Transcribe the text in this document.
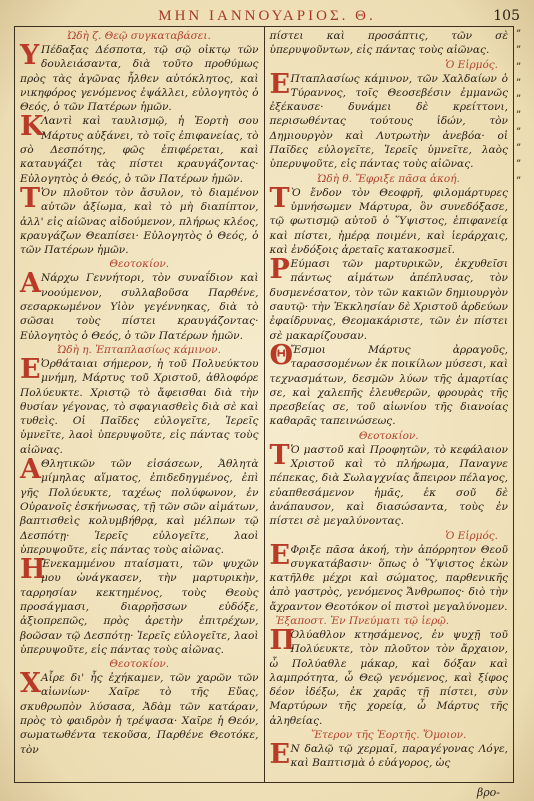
ΜΗΝ ΙΑΝΝΟΥΑΡΙΟΣ. Θ.	105
Ὠδὴ ζ. Θεῷ συγκαταβάσει.

Υ Πέδαξας Δέσποτα, τῷ σῷ οἰκτῳ τῶν δουλειάσαντα, διὰ τοῦτο προθύμως πρὸς τὰς ἀγῶνας ἦλθεν αὐτόκλητος, καὶ νικηφόρος γενόμενος ἐψάλλει, εὐλογητὸς ὁ Θεός, ὁ τῶν Πατέρων ἡμῶν.

Κ
Λαντὶ καὶ ταυλισμῷ, ἡ Ἑορτὴ σου Μάρτυς αὐξάνει, τὸ τοῖς ἐπιφανείας, τὸ σὸ Δεσπότης, φῶς ἐπιφέρεται, καὶ καταυγάζει τὰς πίστει κραυγάζοντας· Εὐλογητὸς ὁ Θεός, ὁ τῶν Πατέρων ἡμῶν.

Τ Ὁν πλοῦτον τὸν ἄσυλον, τὸ διαμένον αὐτῶν ἀξίωμα, καὶ τὸ μὴ διαπίπτον, ἀλλ' εἰς αἰῶνας αἰδούμενον, πλήρως κλέος, κραυγάζων Θεαπίσει· Εὐλογητὸς ὁ Θεός, ὁ τῶν Πατέρων ἡμῶν.

Θεοτοκίον.

Α Νάρχω Γεννήτορι, τὸν συναΐδιον καὶ νοούμενον, συλλαβοῦσα Παρθένε, σεσαρκωμένον Υἱὸν γεγέννηκας, διὰ τὸ σῶσαι τοὺς πίστει κραυγάζοντας· Εὐλογητὸς ὁ Θεός, ὁ τῶν Πατέρων ἡμῶν.

Ὠδὴ η. Ἑπταπλασίως κάμινον.

Ε Ὀρθάταιαι σήμερον, ἡ τοῦ Πολυεύκτου μνήμη, Μάρτυς τοῦ Χριστοῦ, ἀθλοφόρε Πολύευκτε. Χριστῷ τὸ ἄφεισθαι διὰ τὴν θυσίαν γέγονας, τὸ σφαγιασθεὶς διὰ σὲ καὶ τυθεὶς. Οἱ Παῖδες εὐλογεῖτε, Ἱερεῖς ὑμνεῖτε, λαοὶ ὑπερυψοῦτε, εἰς πάντας τοὺς αἰῶνας.

Α Θλητικῶν τῶν εἰσάσεων, Ἀθλητὰ μίμηλας αἵματος, ἐπιδεδηγμένος, ἐπὶ γῆς Πολύευκτε, ταχέως πολύφωνον, ἐν Οὐρανοῖς ἐσκήνωσας, τῇ τῶν σῶν αἱμάτων, βαπτισθεὶς κολυμβήθρᾳ, καὶ μέλπων τῷ Δεσπότῃ· Ἱερεῖς εὐλογεῖτε, λαοὶ ὑπερυψοῦτε, εἰς πάντας τοὺς αἰῶνας.

Η
Ἐνεκαμμένου πταίσματι, τῶν ψυχῶν μου ὠνάγκασεν, τὴν μαρτυρικὴν, ταρρησίαν κεκτημένος, τοὺς Θεοὺς προσάγμασι, διαρρῆσσων εὐδόξε, ἀξιοπρεπῶς, πρὸς ἀρετὴν ἐπιτρέχων, βοῶσαν τῷ Δεσπότῃ· Ἱερεῖς εὐλογεῖτε, λαοὶ ὑπερυψοῦτε, εἰς πάντας τοὺς αἰῶνας.

Θεοτοκίον.

Χ Αἶρε δι' ἧς ἐχήκαμεν, τῶν χαρῶν τῶν αἰωνίων· Χαῖρε τὸ τῆς Εὔας, σκυθρωπὸν λύσασα, Ἀδὰμ τῶν κατάραν, πρὸς τὸ φαιδρὸν ἡ τρέψασα· Χαῖρε ἡ Θεόν, σωματωθέντα τεκοῦσα, Παρθένε Θεοτόκε, τὸν

πίστει καὶ προσάπτις, τῶν σὲ ὑπερυψοῦντων, εἰς πάντας τοὺς αἰῶνας.

Ὁ Εἱρμός.

Ε Πταπλασίως κάμινον, τῶν Χαλδαίων ὁ Τύραννος, τοῖς Θεοσεβέσιν ἐμμανῶς ἐξέκαυσε· δυνάμει δὲ κρείττονι, περισωθέντας τούτους ἰδών, τὸν Δημιουργὸν καὶ Λυτρωτὴν ἀνεβόα· οἱ Παῖδες εὐλογεῖτε, Ἱερεῖς ὑμνεῖτε, λαὸς ὑπερυψοῦτε, εἰς πάντας τοὺς αἰῶνας.

Ὠδὴ θ. Ἔφριξε πᾶσα ἀκοή.

Τ Ὸ ἔνδον τὸν Θεοφρῆ, φιλομάρτυρες ὑμνήσωμεν Μάρτυρα, ὃν συνεδόξασε, τῷ φωτισμῷ αὐτοῦ ὁ Ὕψιστος, ἐπιφανείᾳ καὶ πίστει, ἡμέρᾳ ποιμένι, καὶ ἱεράρχαις, καὶ ἐνδόξοις ἀρεταῖς κατακοσμεῖ.

Ρ Εύμασι τῶν μαρτυρικῶν, ἐκχυθεῖσι πάντως αἱμάτων ἀπέπλυσας, τὸν δυσμενέσατον, τὸν τῶν κακιῶν δημιουργὸν σαυτῷ· τὴν Ἐκκλησίαν δὲ Χριστοῦ ἀρδεύων ἐφαίδρυνας, Θεομακάριστε, τῶν ἐν πίστει σὲ μακαρίζουσαν.

Θ
Ἔσμοι Μάρτυς ἀρραγοῦς, ταρασσομένων ἐκ ποικίλων μύσεσι, καὶ τεχνασμάτων, δεσμῶν λύων τῆς ἁμαρτίας σε, καὶ χαλεπῆς ἐλευθερῶν, φρουρὰς τῆς πρεσβείας σε, τοῦ αἰωνίου τῆς διανοίας καθαρᾶς ταπεινώσεως.

Θεοτοκίον.

Τ Ὁ μαστοῦ καὶ Προφητῶν, τὸ κεφάλαιον Χριστοῦ καὶ τὸ πλήρωμα, Παναγνε πέπεκας, διὰ Σωλαγχνίας ἄπειρον πέλαγος, εὐαπθεσάμενον ἡμᾶς, ἐκ σοῦ δὲ ἀνάπαυσον, καὶ διασώσαντα, τοὺς ἐν πίστει σὲ μεγαλύνοντας.

Ὁ Εἱρμός.

Ε Φριξε πᾶσα ἀκοή, τὴν ἀπόρρητον Θεοῦ συγκατάβασιν· ὅπως ὁ Ὕψιστος ἑκὼν κατῆλθε μέχρι καὶ σώματος, παρθενικῆς ἀπὸ γαστρὸς, γενόμενος Ἄνθρωπος· διὸ τὴν ἄχραντον Θεοτόκον οἱ πιστοὶ μεγαλύνομεν.

Ἐξαποστ. Ἐν Πνεύματι τῷ ἱερῷ.

Π
Ολύαθλον κτησάμενος, ἐν ψυχῇ τοῦ Πολύευκτε, τὸν πλοῦτον τὸν ἄρχαιον, ὦ Πολύαθλε μάκαρ, καὶ δόξαν καὶ λαμπρότητα, ὦ Θεῷ γενόμενος, καὶ ξίφος δέον ἰδέξω, ἐκ χαρᾶς τῇ πίστει, σὺν Μαρτύρων τῆς χορείᾳ, ὦ Μάρτυς τῆς ἀληθείας.

Ἕτερον τῆς Ἑορτῆς. Ὅμοιον.

Ε Ν δαλῷ τῷ χερμαῖ, παραγέγονας Λόγε, καὶ Βαπτισμὰ ὁ εὐάγορος, ὡς

”
”
”
”
”
”
”
”
”
”
βρο-
